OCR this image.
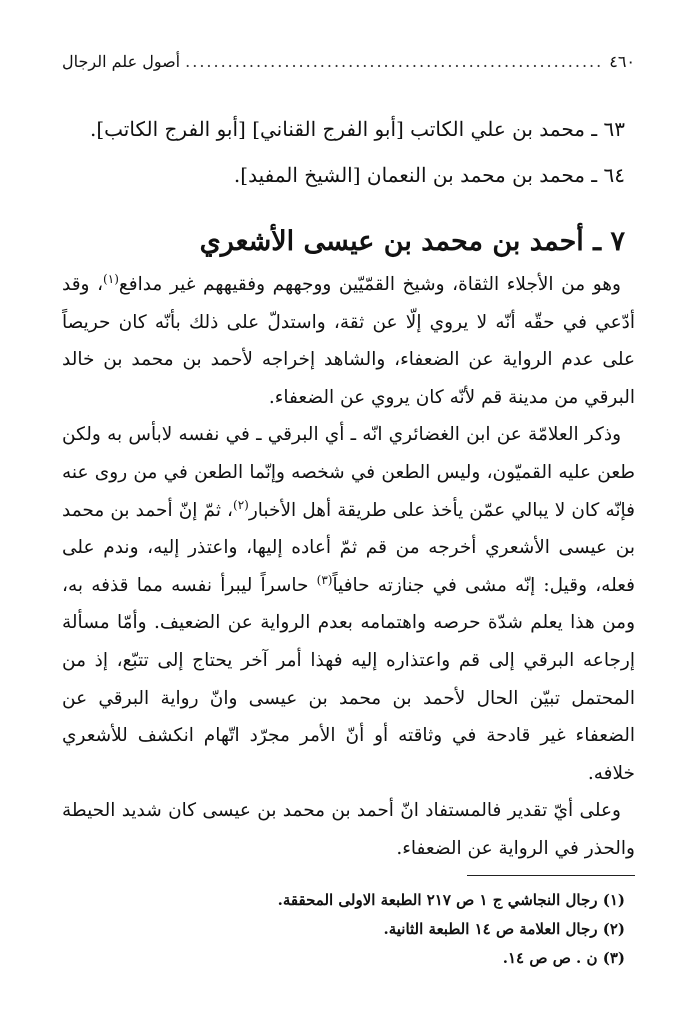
٤٦٠
.....
أصول علم الرجال
٦٣ ـ محمد بن علي الكاتب [أبو الفرج القناني] [أبو الفرج الكاتب].
٦٤ ـ محمد بن محمد بن النعمان [الشيخ المفيد].
٧ ـ أحمد بن محمد بن عيسى الأشعري

وهو من الأجلاء الثقاة، وشيخ القمّيّين ووجههم وفقيههم غير مدافع$^{(١)}$، وقد أدّعي في حقّه أنّه لا يروي إلّا عن ثقة، واستدلّ على ذلك بأنّه كان حريصاً على عدم الرواية عن الضعفاء، والشاهد إخراجه لأحمد بن محمد بن خالد البرقي من مدينة قم لأنّه كان يروي عن الضعفاء.

وذكر العلامّة عن ابن الغضائري انّه ـ أي البرقي ـ في نفسه لابأس به ولكن طعن عليه القميّون، وليس الطعن في شخصه وإنّما الطعن في من روى عنه فإنّه كان لا يبالي عمّن يأخذ على طريقة أهل الأخبار$^{(٢)}$، ثمّ إنّ أحمد بن محمد بن عيسى الأشعري أخرجه من قم ثمّ أعاده إليها، واعتذر إليه، وندم على فعله، وقيل: إنّه مشى في جنازته حافياً$^{(٣)}$ حاسراً ليبرأ نفسه مما قذفه به، ومن هذا يعلم شدّة حرصه واهتمامه بعدم الرواية عن الضعيف. وأمّا مسألة إرجاعه البرقي إلى قم واعتذاره إليه فهذا أمر آخر يحتاج إلى تتبّع، إذ من المحتمل تبيّن الحال لأحمد بن محمد بن عيسى وانّ رواية البرقي عن الضعفاء غير قادحة في وثاقته أو أنّ الأمر مجرّد اتّهام انكشف للأشعري خلافه.

وعلى أيّ تقدير فالمستفاد انّ أحمد بن محمد بن عيسى كان شديد الحيطة والحذر في الرواية عن الضعفاء.

(١) رجال النجاشي ج ١ ص ٢١٧ الطبعة الاولى المحققة.
(٢) رجال العلامة ص ١٤ الطبعة الثانية.
(٣) ن . ص ص ١٤.
